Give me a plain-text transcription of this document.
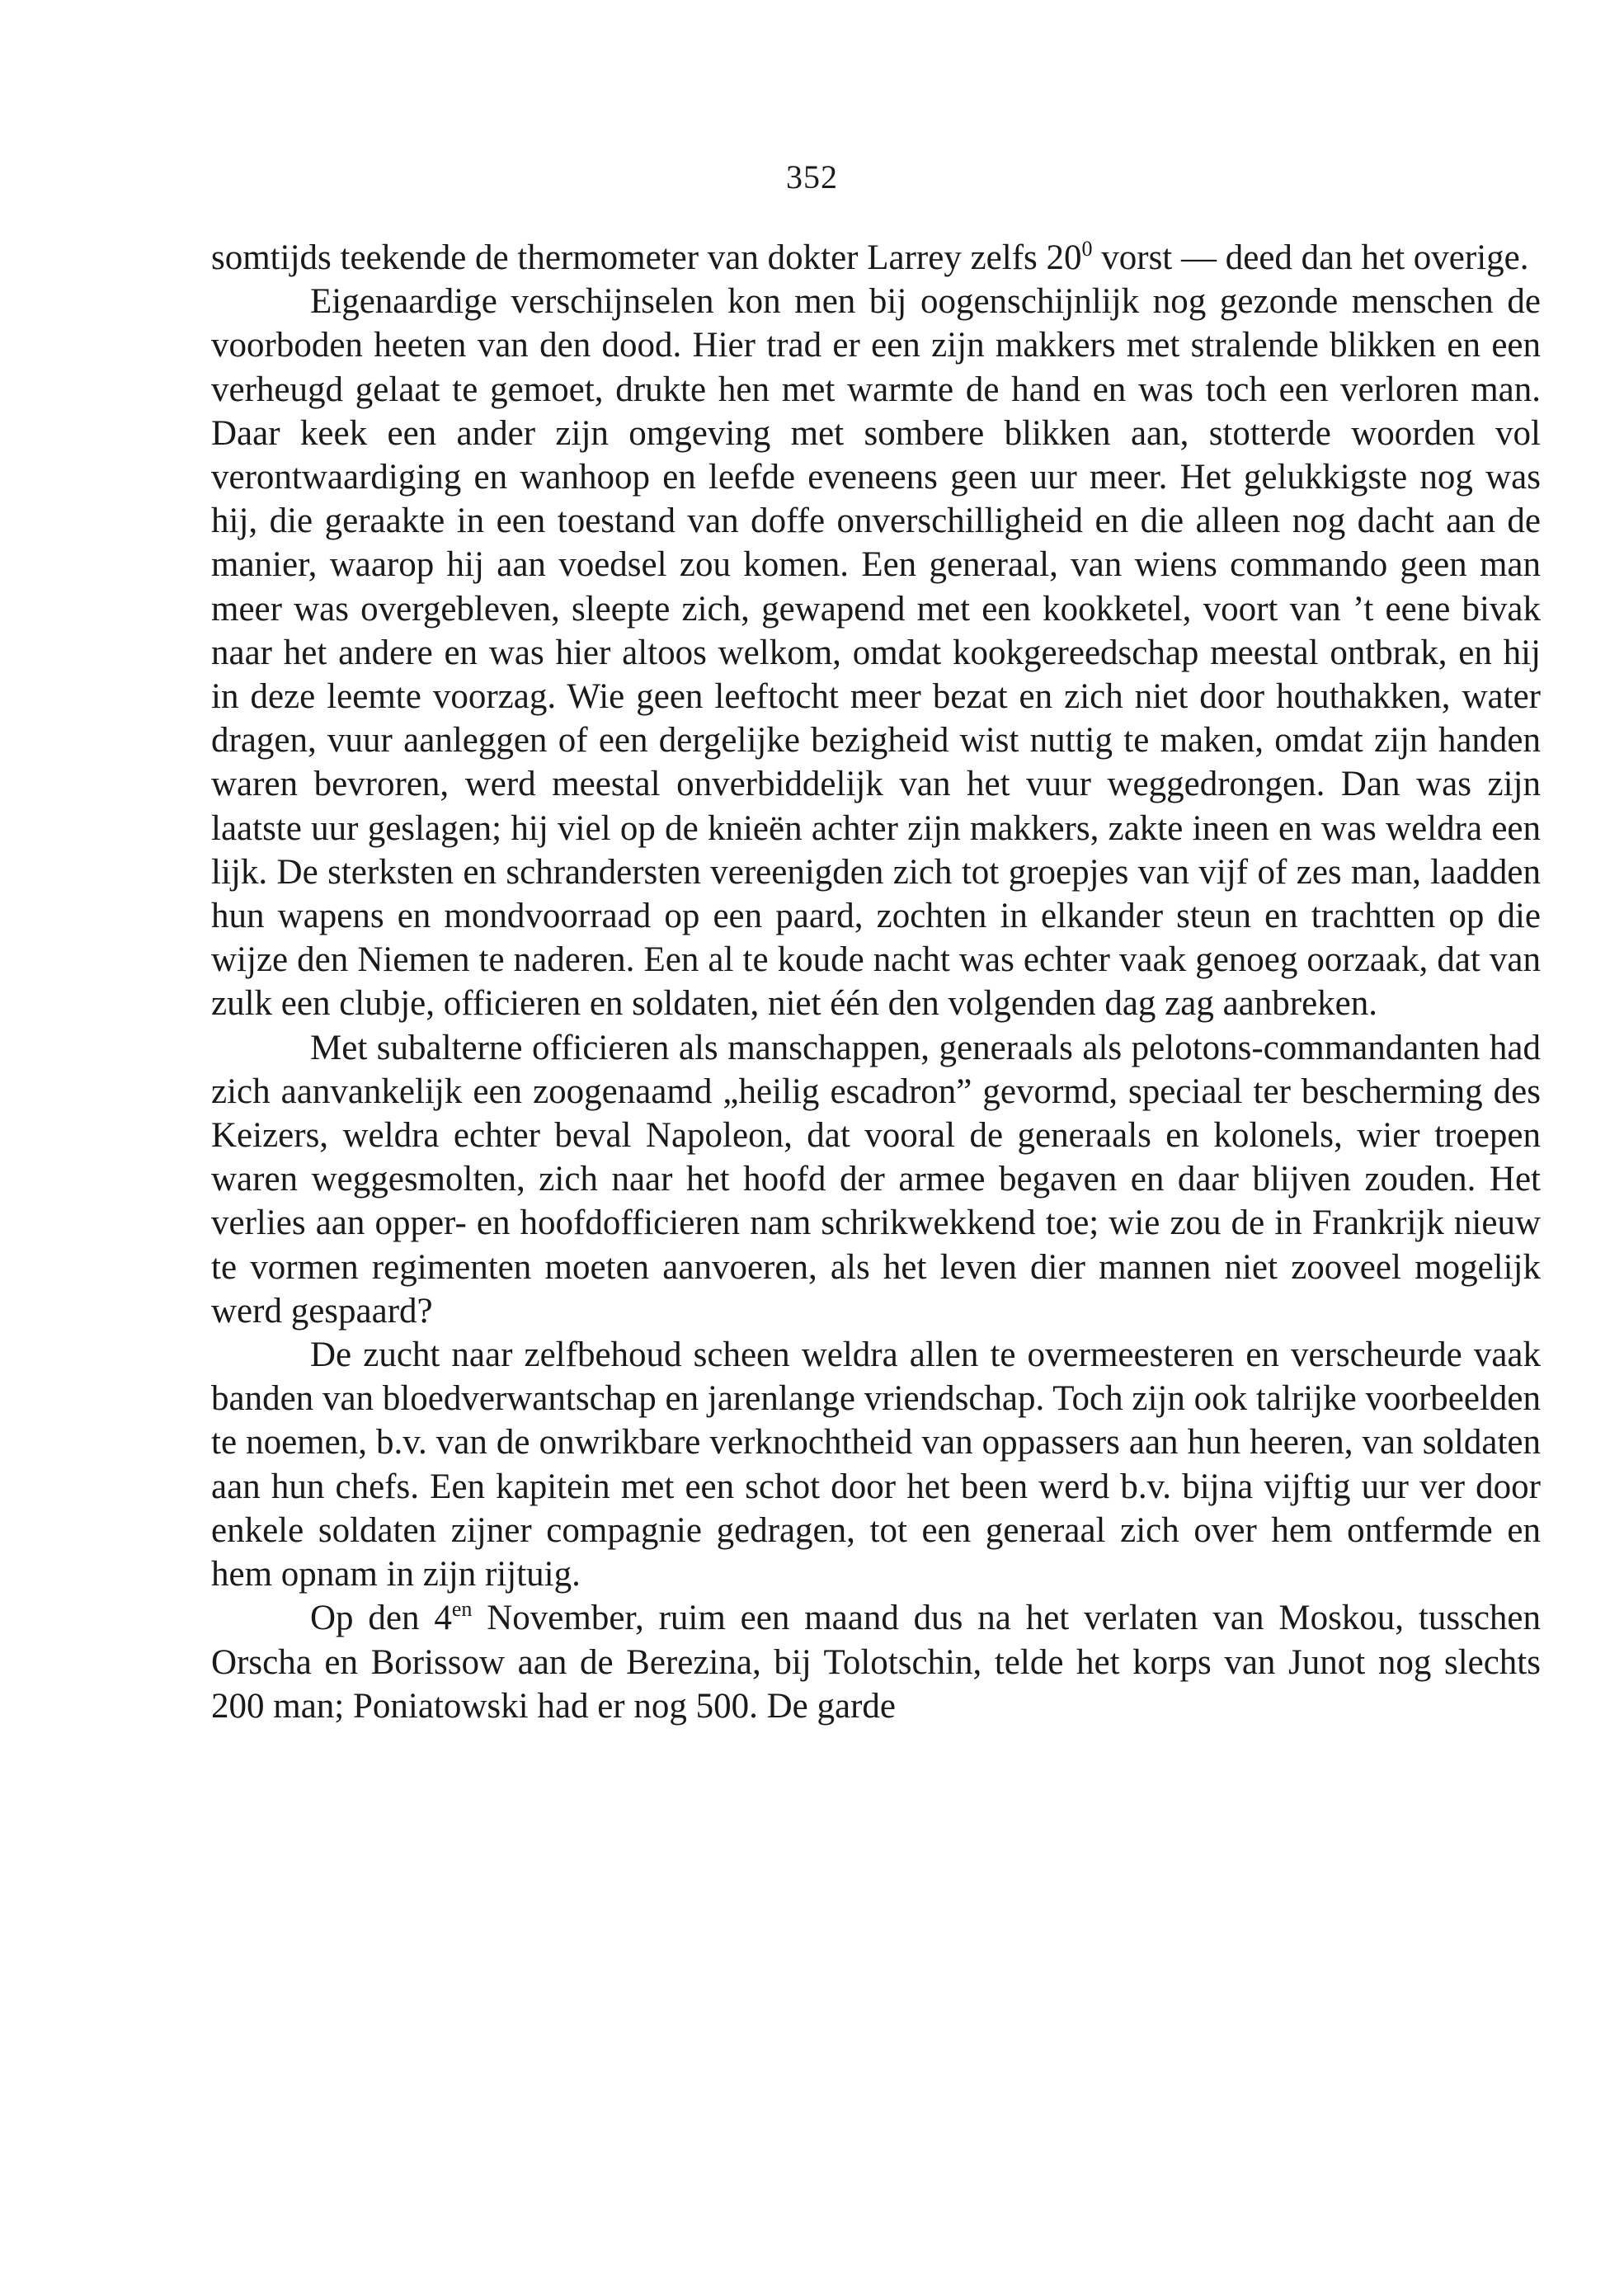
352

somtijds teekende de thermometer van dokter Larrey zelfs $20^0$ vorst — deed dan het overige.

Eigenaardige verschijnselen kon men bij oogenschijnlijk nog gezonde menschen de voorboden heeten van den dood. Hier trad er een zijn makkers met stralende blikken en een verheugd gelaat te gemoet, drukte hen met warmte de hand en was toch een verloren man. Daar keek een ander zijn omgeving met sombere blikken aan, stotterde woorden vol verontwaardiging en wanhoop en leefde eveneens geen uur meer. Het gelukkigste nog was hij, die geraakte in een toestand van doffe onverschilligheid en die alleen nog dacht aan de manier, waarop hij aan voedsel zou komen. Een generaal, van wiens commando geen man meer was overgebleven, sleepte zich, gewapend met een kookketel, voort van ’t eene bivak naar het andere en was hier altoos welkom, omdat kookgereedschap meestal ontbrak, en hij in deze leemte voorzag. Wie geen leeftocht meer bezat en zich niet door houthakken, water dragen, vuur aanleggen of een dergelijke bezigheid wist nuttig te maken, omdat zijn handen waren bevroren, werd meestal onverbiddelijk van het vuur weggedrongen. Dan was zijn laatste uur geslagen; hij viel op de knieën achter zijn makkers, zakte ineen en was weldra een lijk. De sterksten en schrandersten vereenigden zich tot groepjes van vijf of zes man, laadden hun wapens en mondvoorraad op een paard, zochten in elkander steun en trachtten op die wijze den Niemen te naderen. Een al te koude nacht was echter vaak genoeg oorzaak, dat van zulk een clubje, officieren en soldaten, niet één den volgenden dag zag aanbreken.

Met subalterne officieren als manschappen, generaals als pelotons-commandanten had zich aanvankelijk een zoogenaamd „heilig escadron” gevormd, speciaal ter bescherming des Keizers, weldra echter beval Napoleon, dat vooral de generaals en kolonels, wier troepen waren weggesmolten, zich naar het hoofd der armee begaven en daar blijven zouden. Het verlies aan opper- en hoofdofficieren nam schrikwekkend toe; wie zou de in Frankrijk nieuw te vormen regimenten moeten aanvoeren, als het leven dier mannen niet zooveel mogelijk werd gespaard?

De zucht naar zelfbehoud scheen weldra allen te overmeesteren en verscheurde vaak banden van bloedverwantschap en jarenlange vriendschap. Toch zijn ook talrijke voorbeelden te noemen, b.v. van de onwrikbare verknochtheid van oppassers aan hun heeren, van soldaten aan hun chefs. Een kapitein met een schot door het been werd b.v. bijna vijftig uur ver door enkele soldaten zijner compagnie gedragen, tot een generaal zich over hem ontfermde en hem opnam in zijn rijtuig.

Op den $4^{en}$ November, ruim een maand dus na het verlaten van Moskou, tusschen Orscha en Borissow aan de Berezina, bij Tolotschin, telde het korps van Junot nog slechts 200 man; Poniatowski had er nog 500. De garde
